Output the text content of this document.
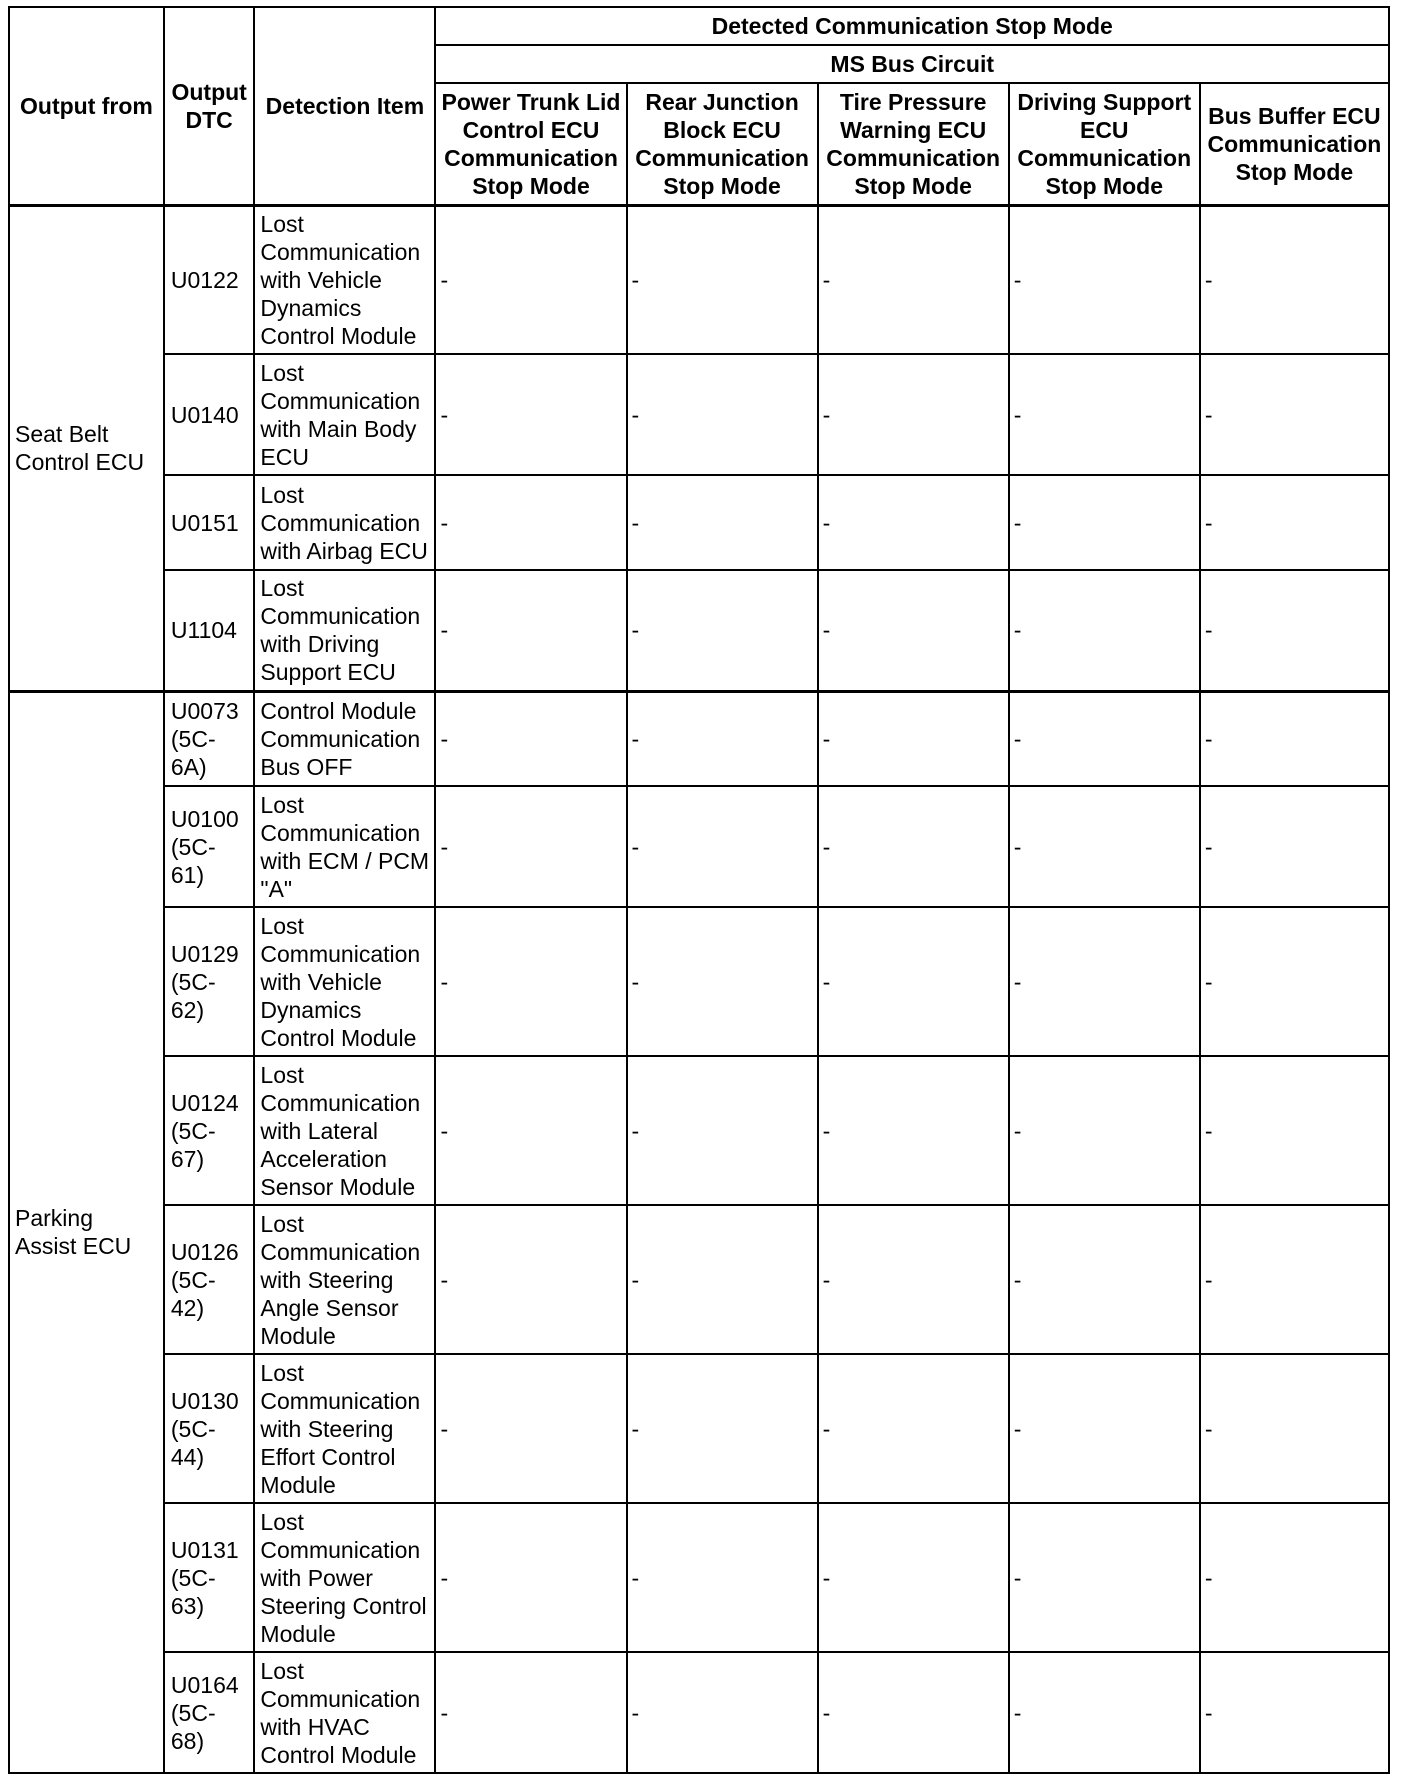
Output from	Output DTC	Detection Item	Detected Communication Stop Mode				
			MS Bus Circuit				
			Power Trunk Lid Control ECU Communication Stop Mode	Rear Junction Block ECU Communication Stop Mode	Tire Pressure Warning ECU Communication Stop Mode	Driving Support ECU Communication Stop Mode	Bus Buffer ECU Communication Stop Mode
Seat Belt Control ECU	U0122	Lost Communication with Vehicle Dynamics Control Module	-	-	-	-	-
	U0140	Lost Communication with Main Body ECU	-	-	-	-	-
	U0151	Lost Communication with Airbag ECU	-	-	-	-	-
	U1104	Lost Communication with Driving Support ECU	-	-	-	-	-
Parking Assist ECU	U0073 (5C-6A)	Control Module Communication Bus OFF	-	-	-	-	-
	U0100 (5C-61)	Lost Communication with ECM / PCM "A"	-	-	-	-	-
	U0129 (5C-62)	Lost Communication with Vehicle Dynamics Control Module	-	-	-	-	-
	U0124 (5C-67)	Lost Communication with Lateral Acceleration Sensor Module	-	-	-	-	-
	U0126 (5C-42)	Lost Communication with Steering Angle Sensor Module	-	-	-	-	-
	U0130 (5C-44)	Lost Communication with Steering Effort Control Module	-	-	-	-	-
	U0131 (5C-63)	Lost Communication with Power Steering Control Module	-	-	-	-	-
	U0164 (5C-68)	Lost Communication with HVAC Control Module	-	-	-	-	-
